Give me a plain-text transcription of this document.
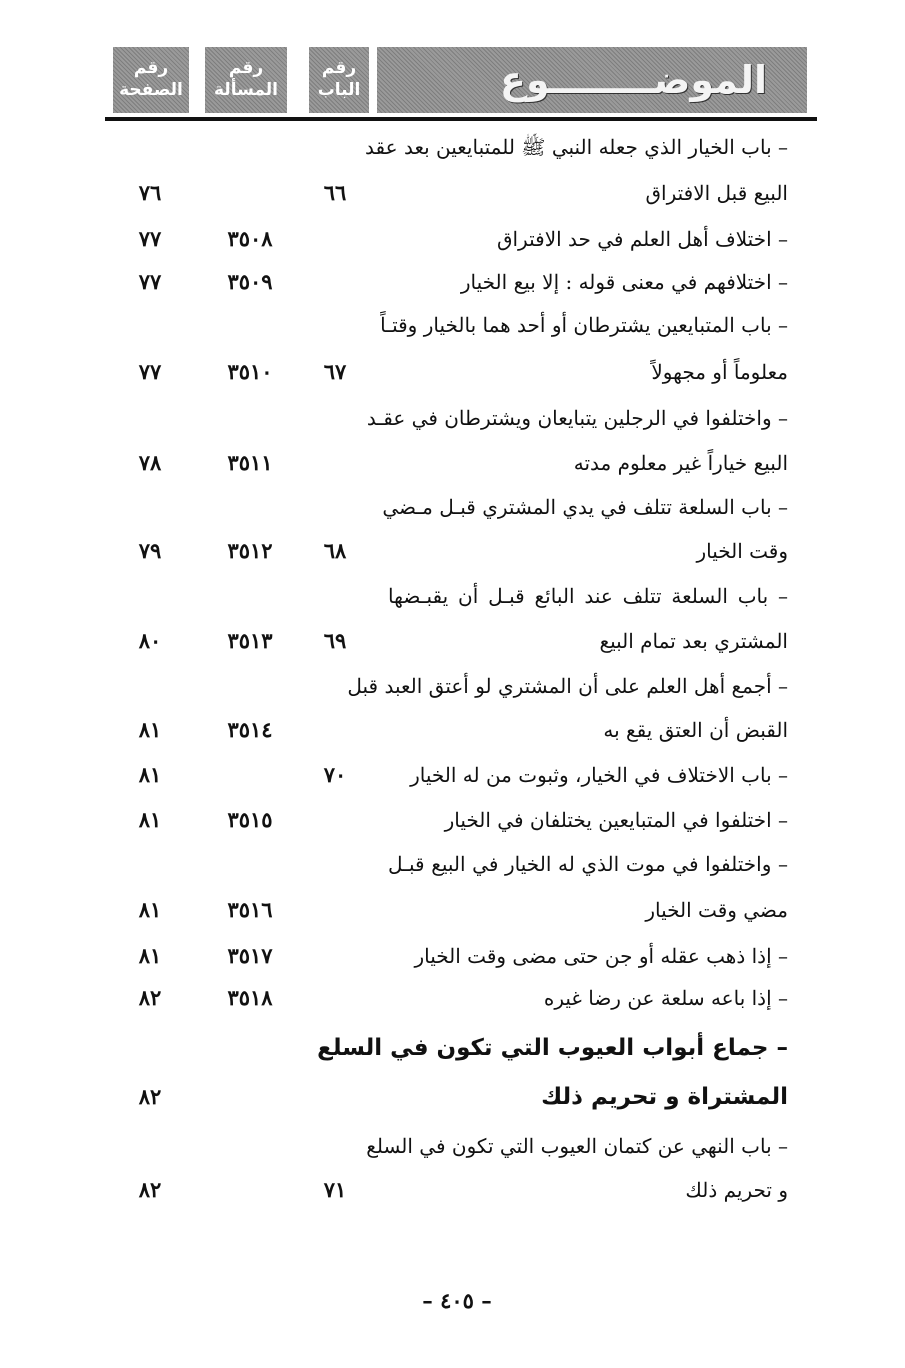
الموضــــــــوع
رقم
الباب
رقم
المسألة
رقم
الصفحة
– باب الخيار الذي جعله النبي ﷺ للمتبايعين بعد عقد
البيع قبل الافتراق
٦٦
٧٦
– اختلاف أهل العلم في حد الافتراق
٣٥٠٨
٧٧
– اختلافهم في معنى قوله : إلا بيع الخيار
٣٥٠٩
٧٧
– باب المتبايعين يشترطان أو أحد هما بالخيار وقتـاً
معلوماً أو مجهولاً
٦٧
٣٥١٠
٧٧
– واختلفوا في الرجلين يتبايعان ويشترطان في عقـد
البيع خياراً غير معلوم مدته
٣٥١١
٧٨
– باب السلعة تتلف في يدي المشتري قبـل مـضي
وقت الخيار
٦٨
٣٥١٢
٧٩
– باب السلعة تتلف عند البائع قبـل أن يقبـضها
المشتري بعد تمام البيع
٦٩
٣٥١٣
٨٠
– أجمع أهل العلم على أن المشتري لو أعتق العبد قبل
القبض أن العتق يقع به
٣٥١٤
٨١
– باب الاختلاف في الخيار، وثبوت من له الخيار
٧٠
٨١
– اختلفوا في المتبايعين يختلفان في الخيار
٣٥١٥
٨١
– واختلفوا في موت الذي له الخيار في البيع قبـل
مضي وقت الخيار
٣٥١٦
٨١
– إذا ذهب عقله أو جن حتى مضى وقت الخيار
٣٥١٧
٨١
– إذا باعه سلعة عن رضا غيره
٣٥١٨
٨٢
– جماع أبواب العيوب التي تكون في السلع
المشتراة و تحريم ذلك
٨٢
– باب النهي عن كتمان العيوب التي تكون في السلع
و تحريم ذلك
٧١
٨٢
– ٤٠٥ –
